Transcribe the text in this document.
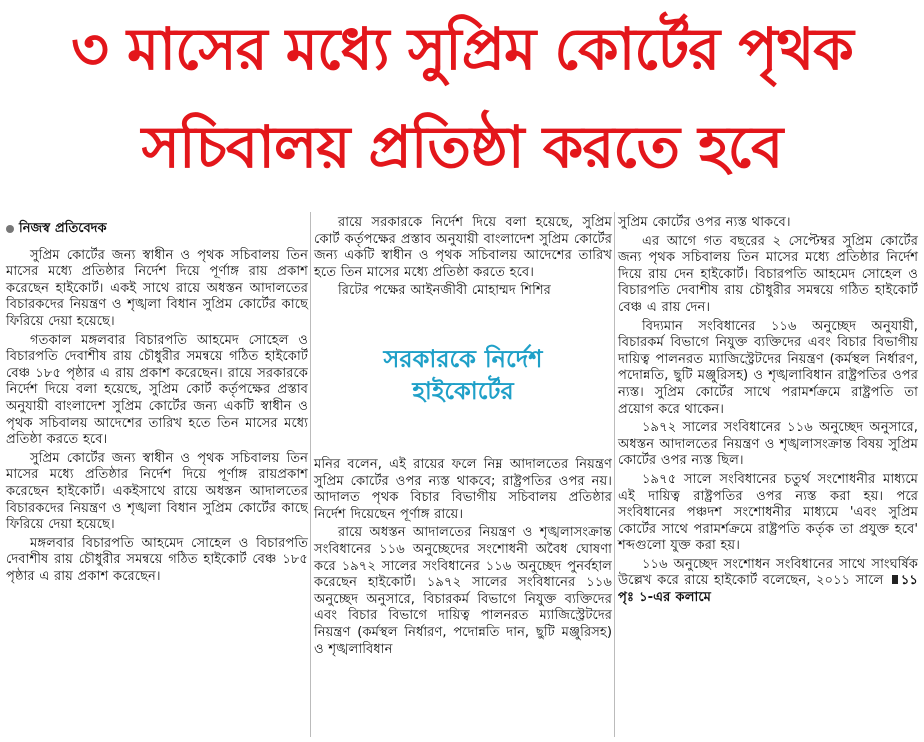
৩ মাসের মধ্যে সুপ্রিম কোর্টের পৃথক
সচিবালয় প্রতিষ্ঠা করতে হবে
নিজস্ব প্রতিবেদক

সুপ্রিম কোর্টের জন্য স্বাধীন ও পৃথক সচিবালয় তিন মাসের মধ্যে প্রতিষ্ঠার নির্দেশ দিয়ে পূর্ণাঙ্গ রায় প্রকাশ করেছেন হাইকোর্ট। একই সাথে রায়ে অধস্তন আদালতের বিচারকদের নিয়ন্ত্রণ ও শৃঙ্খলা বিধান সুপ্রিম কোর্টের কাছে ফিরিয়ে দেয়া হয়েছে।

গতকাল মঙ্গলবার বিচারপতি আহমেদ সোহেল ও বিচারপতি দেবাশীষ রায় চৌধুরীর সমন্বয়ে গঠিত হাইকোর্ট বেঞ্চ ১৮৫ পৃষ্ঠার এ রায় প্রকাশ করেছেন। রায়ে সরকারকে নির্দেশ দিয়ে বলা হয়েছে, সুপ্রিম কোর্ট কর্তৃপক্ষের প্রস্তাব অনুযায়ী বাংলাদেশ সুপ্রিম কোর্টের জন্য একটি স্বাধীন ও পৃথক সচিবালয় আদেশের তারিখ হতে তিন মাসের মধ্যে প্রতিষ্ঠা করতে হবে।

সুপ্রিম কোর্টের জন্য স্বাধীন ও পৃথক সচিবালয় তিন মাসের মধ্যে প্রতিষ্ঠার নির্দেশ দিয়ে পূর্ণাঙ্গ রায়প্রকাশ করেছেন হাইকোর্ট। একইসাথে রায়ে অধস্তন আদালতের বিচারকদের নিয়ন্ত্রণ ও শৃঙ্খলা বিধান সুপ্রিম কোর্টের কাছে ফিরিয়ে দেয়া হয়েছে।

মঙ্গলবার বিচারপতি আহমেদ সোহেল ও বিচারপতি দেবাশীষ রায় চৌধুরীর সমন্বয়ে গঠিত হাইকোর্ট বেঞ্চ ১৮৫ পৃষ্ঠার এ রায় প্রকাশ করেছেন।

রায়ে সরকারকে নির্দেশ দিয়ে বলা হয়েছে, সুপ্রিম কোর্ট কর্তৃপক্ষের প্রস্তাব অনুযায়ী বাংলাদেশ সুপ্রিম কোর্টের জন্য একটি স্বাধীন ও পৃথক সচিবালয় আদেশের তারিখ হতে তিন মাসের মধ্যে প্রতিষ্ঠা করতে হবে।

রিটের পক্ষের আইনজীবী মোহাম্মদ শিশির

সরকারকে নির্দেশ
হাইকোর্টের

মনির বলেন, এই রায়ের ফলে নিম্ন আদালতের নিয়ন্ত্রণ সুপ্রিম কোর্টের ওপর ন্যস্ত থাকবে; রাষ্ট্রপতির ওপর নয়। আদালত পৃথক বিচার বিভাগীয় সচিবালয় প্রতিষ্ঠার নির্দেশ দিয়েছেন পূর্ণাঙ্গ রায়ে।

রায়ে অধস্তন আদালতের নিয়ন্ত্রণ ও শৃঙ্খলাসংক্রান্ত সংবিধানের ১১৬ অনুচ্ছেদের সংশোধনী অবৈধ ঘোষণা করে ১৯৭২ সালের সংবিধানের ১১৬ অনুচ্ছেদ পুনর্বহাল করেছেন হাইকোর্ট। ১৯৭২ সালের সংবিধানের ১১৬ অনুচ্ছেদ অনুসারে, বিচারকর্ম বিভাগে নিযুক্ত ব্যক্তিদের এবং বিচার বিভাগে দায়িত্ব পালনরত ম্যাজিস্ট্রেটদের নিয়ন্ত্রণ (কর্মস্থল নির্ধারণ, পদোন্নতি দান, ছুটি মঞ্জুরিসহ) ও শৃঙ্খলাবিধান

সুপ্রিম কোর্টের ওপর ন্যস্ত থাকবে।

এর আগে গত বছরের ২ সেপ্টেম্বর সুপ্রিম কোর্টের জন্য পৃথক সচিবালয় তিন মাসের মধ্যে প্রতিষ্ঠার নির্দেশ দিয়ে রায় দেন হাইকোর্ট। বিচারপতি আহমেদ সোহেল ও বিচারপতি দেবাশীষ রায় চৌধুরীর সমন্বয়ে গঠিত হাইকোর্ট বেঞ্চ এ রায় দেন।

বিদ্যমান সংবিধানের ১১৬ অনুচ্ছেদ অনুযায়ী, বিচারকর্ম বিভাগে নিযুক্ত ব্যক্তিদের এবং বিচার বিভাগীয় দায়িত্ব পালনরত ম্যাজিস্ট্রেটদের নিয়ন্ত্রণ (কর্মস্থল নির্ধারণ, পদোন্নতি, ছুটি মঞ্জুরিসহ) ও শৃঙ্খলাবিধান রাষ্ট্রপতির ওপর ন্যস্ত। সুপ্রিম কোর্টের সাথে পরামর্শক্রমে রাষ্ট্রপতি তা প্রয়োগ করে থাকেন।

১৯৭২ সালের সংবিধানের ১১৬ অনুচ্ছেদ অনুসারে, অধস্তন আদালতের নিয়ন্ত্রণ ও শৃঙ্খলাসংক্রান্ত বিষয় সুপ্রিম কোর্টের ওপর ন্যস্ত ছিল।

১৯৭৫ সালে সংবিধানের চতুর্থ সংশোধনীর মাধ্যমে এই দায়িত্ব রাষ্ট্রপতির ওপর ন্যস্ত করা হয়। পরে সংবিধানের পঞ্চদশ সংশোধনীর মাধ্যমে 'এবং সুপ্রিম কোর্টের সাথে পরামর্শক্রমে রাষ্ট্রপতি কর্তৃক তা প্রযুক্ত হবে' শব্দগুলো যুক্ত করা হয়।

১১৬ অনুচ্ছেদ সংশোধন সংবিধানের সাথে সাংঘর্ষিক উল্লেখ করে রায়ে হাইকোর্ট বলেছেন, ২০১১ সালে ১১ পৃঃ ১-এর কলামে
